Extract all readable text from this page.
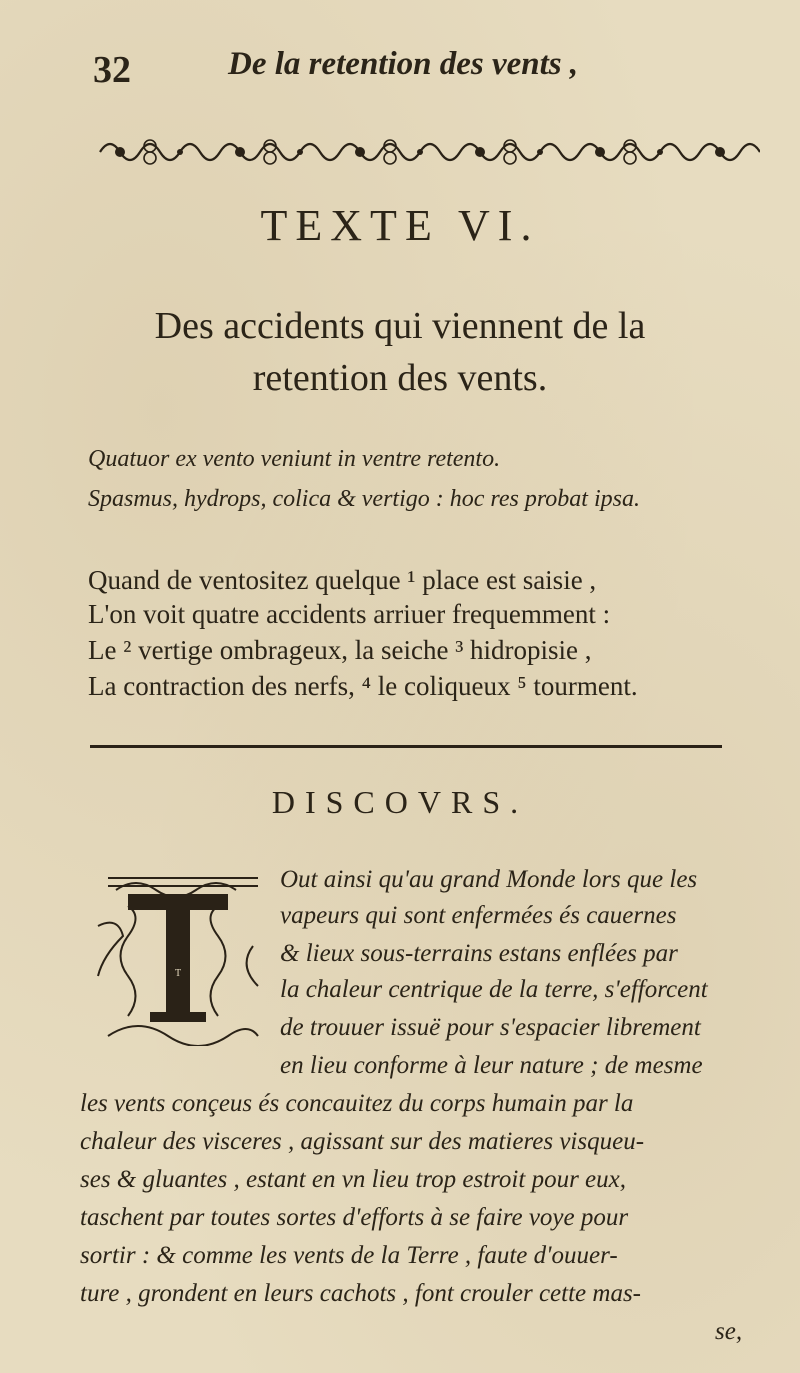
32	De la retention des vents ,
TEXTE VI.
Des accidents qui viennent de la
retention des vents.
Quatuor ex vento veniunt in ventre retento.
Spasmus, hydrops, colica & vertigo : hoc res probat ipsa.
Quand de ventositez quelque ¹ place est saisie ,
L'on voit quatre accidents arriuer frequemment :
Le ² vertige ombrageux, la seiche ³ hidropisie ,
La contraction des nerfs, ⁴ le coliqueux ⁵ tourment.
DISCOVRS.
T
Out ainsi qu'au grand Monde lors que les
vapeurs qui sont enfermées és cauernes
& lieux sous-terrains estans enflées par
la chaleur centrique de la terre, s'efforcent
de trouuer issuë pour s'espacier librement
en lieu conforme à leur nature ; de mesme
les vents conçeus és concauitez du corps humain par la
chaleur des visceres , agissant sur des matieres visqueu-
ses & gluantes , estant en vn lieu trop estroit pour eux,
taschent par toutes sortes d'efforts à se faire voye pour
sortir : & comme les vents de la Terre , faute d'ouuer-
ture , grondent en leurs cachots , font crouler cette mas-
se,
